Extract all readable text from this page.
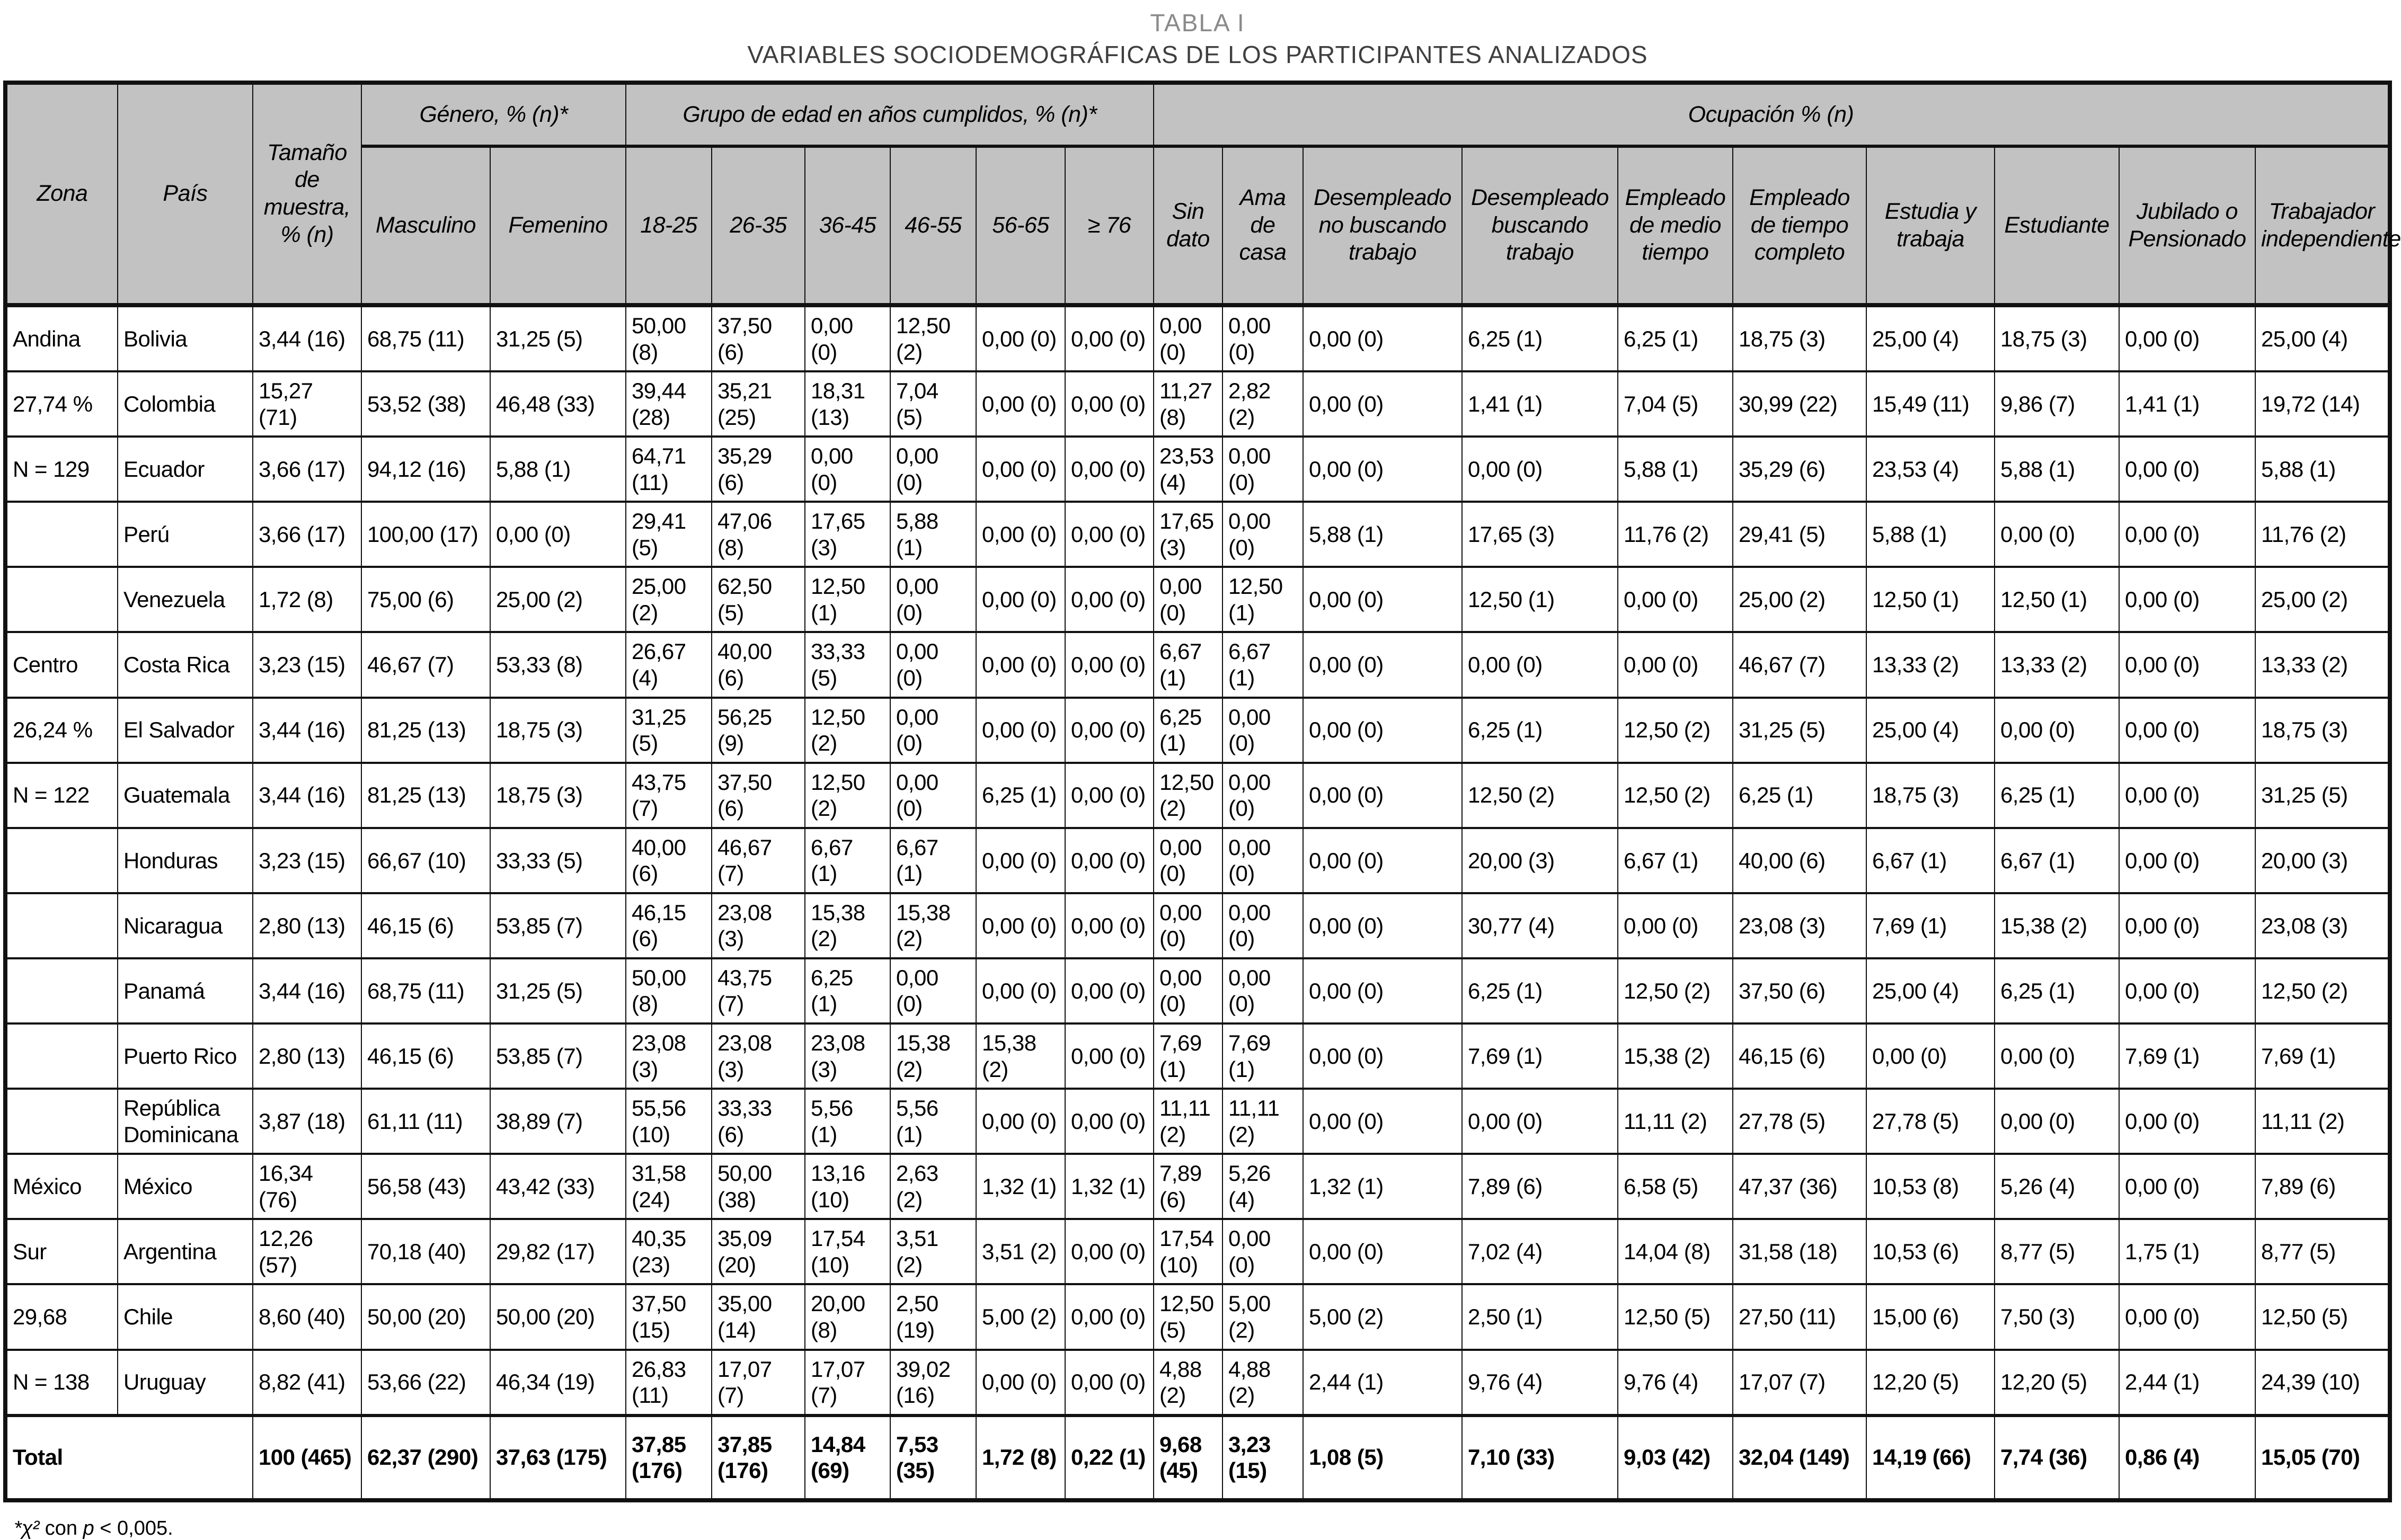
TABLA I
VARIABLES SOCIODEMOGRÁFICAS DE LOS PARTICIPANTES ANALIZADOS
Zona	País	Tamaño de muestra, % (n)	Género, % (n)*		Grupo de edad en años cumplidos, % (n)*						Ocupación % (n)									
			Masculino	Femenino	18-25	26-35	36-45	46-55	56-65	≥ 76	Sin dato	Ama de casa	Desempleado no buscando trabajo	Desempleado buscando trabajo	Empleado de medio tiempo	Empleado de tiempo completo	Estudia y trabaja	Estudiante	Jubilado o Pensionado	Trabajador independiente
Andina	Bolivia	3,44 (16)	68,75 (11)	31,25 (5)	50,00 (8)	37,50 (6)	0,00 (0)	12,50 (2)	0,00 (0)	0,00 (0)	0,00 (0)	0,00 (0)	0,00 (0)	6,25 (1)	6,25 (1)	18,75 (3)	25,00 (4)	18,75 (3)	0,00 (0)	25,00 (4)
27,74 %	Colombia	15,27 (71)	53,52 (38)	46,48 (33)	39,44 (28)	35,21 (25)	18,31 (13)	7,04 (5)	0,00 (0)	0,00 (0)	11,27 (8)	2,82 (2)	0,00 (0)	1,41 (1)	7,04 (5)	30,99 (22)	15,49 (11)	9,86 (7)	1,41 (1)	19,72 (14)
N = 129	Ecuador	3,66 (17)	94,12 (16)	5,88 (1)	64,71 (11)	35,29 (6)	0,00 (0)	0,00 (0)	0,00 (0)	0,00 (0)	23,53 (4)	0,00 (0)	0,00 (0)	0,00 (0)	5,88 (1)	35,29 (6)	23,53 (4)	5,88 (1)	0,00 (0)	5,88 (1)
	Perú	3,66 (17)	100,00 (17)	0,00 (0)	29,41 (5)	47,06 (8)	17,65 (3)	5,88 (1)	0,00 (0)	0,00 (0)	17,65 (3)	0,00 (0)	5,88 (1)	17,65 (3)	11,76 (2)	29,41 (5)	5,88 (1)	0,00 (0)	0,00 (0)	11,76 (2)
	Venezuela	1,72 (8)	75,00 (6)	25,00 (2)	25,00 (2)	62,50 (5)	12,50 (1)	0,00 (0)	0,00 (0)	0,00 (0)	0,00 (0)	12,50 (1)	0,00 (0)	12,50 (1)	0,00 (0)	25,00 (2)	12,50 (1)	12,50 (1)	0,00 (0)	25,00 (2)
Centro	Costa Rica	3,23 (15)	46,67 (7)	53,33 (8)	26,67 (4)	40,00 (6)	33,33 (5)	0,00 (0)	0,00 (0)	0,00 (0)	6,67 (1)	6,67 (1)	0,00 (0)	0,00 (0)	0,00 (0)	46,67 (7)	13,33 (2)	13,33 (2)	0,00 (0)	13,33 (2)
26,24 %	El Salvador	3,44 (16)	81,25 (13)	18,75 (3)	31,25 (5)	56,25 (9)	12,50 (2)	0,00 (0)	0,00 (0)	0,00 (0)	6,25 (1)	0,00 (0)	0,00 (0)	6,25 (1)	12,50 (2)	31,25 (5)	25,00 (4)	0,00 (0)	0,00 (0)	18,75 (3)
N = 122	Guatemala	3,44 (16)	81,25 (13)	18,75 (3)	43,75 (7)	37,50 (6)	12,50 (2)	0,00 (0)	6,25 (1)	0,00 (0)	12,50 (2)	0,00 (0)	0,00 (0)	12,50 (2)	12,50 (2)	6,25 (1)	18,75 (3)	6,25 (1)	0,00 (0)	31,25 (5)
	Honduras	3,23 (15)	66,67 (10)	33,33 (5)	40,00 (6)	46,67 (7)	6,67 (1)	6,67 (1)	0,00 (0)	0,00 (0)	0,00 (0)	0,00 (0)	0,00 (0)	20,00 (3)	6,67 (1)	40,00 (6)	6,67 (1)	6,67 (1)	0,00 (0)	20,00 (3)
	Nicaragua	2,80 (13)	46,15 (6)	53,85 (7)	46,15 (6)	23,08 (3)	15,38 (2)	15,38 (2)	0,00 (0)	0,00 (0)	0,00 (0)	0,00 (0)	0,00 (0)	30,77 (4)	0,00 (0)	23,08 (3)	7,69 (1)	15,38 (2)	0,00 (0)	23,08 (3)
	Panamá	3,44 (16)	68,75 (11)	31,25 (5)	50,00 (8)	43,75 (7)	6,25 (1)	0,00 (0)	0,00 (0)	0,00 (0)	0,00 (0)	0,00 (0)	0,00 (0)	6,25 (1)	12,50 (2)	37,50 (6)	25,00 (4)	6,25 (1)	0,00 (0)	12,50 (2)
	Puerto Rico	2,80 (13)	46,15 (6)	53,85 (7)	23,08 (3)	23,08 (3)	23,08 (3)	15,38 (2)	15,38 (2)	0,00 (0)	7,69 (1)	7,69 (1)	0,00 (0)	7,69 (1)	15,38 (2)	46,15 (6)	0,00 (0)	0,00 (0)	7,69 (1)	7,69 (1)
	República Dominicana	3,87 (18)	61,11 (11)	38,89 (7)	55,56 (10)	33,33 (6)	5,56 (1)	5,56 (1)	0,00 (0)	0,00 (0)	11,11 (2)	11,11 (2)	0,00 (0)	0,00 (0)	11,11 (2)	27,78 (5)	27,78 (5)	0,00 (0)	0,00 (0)	11,11 (2)
México	México	16,34 (76)	56,58 (43)	43,42 (33)	31,58 (24)	50,00 (38)	13,16 (10)	2,63 (2)	1,32 (1)	1,32 (1)	7,89 (6)	5,26 (4)	1,32 (1)	7,89 (6)	6,58 (5)	47,37 (36)	10,53 (8)	5,26 (4)	0,00 (0)	7,89 (6)
Sur	Argentina	12,26 (57)	70,18 (40)	29,82 (17)	40,35 (23)	35,09 (20)	17,54 (10)	3,51 (2)	3,51 (2)	0,00 (0)	17,54 (10)	0,00 (0)	0,00 (0)	7,02 (4)	14,04 (8)	31,58 (18)	10,53 (6)	8,77 (5)	1,75 (1)	8,77 (5)
29,68	Chile	8,60 (40)	50,00 (20)	50,00 (20)	37,50 (15)	35,00 (14)	20,00 (8)	2,50 (19)	5,00 (2)	0,00 (0)	12,50 (5)	5,00 (2)	5,00 (2)	2,50 (1)	12,50 (5)	27,50 (11)	15,00 (6)	7,50 (3)	0,00 (0)	12,50 (5)
N = 138	Uruguay	8,82 (41)	53,66 (22)	46,34 (19)	26,83 (11)	17,07 (7)	17,07 (7)	39,02 (16)	0,00 (0)	0,00 (0)	4,88 (2)	4,88 (2)	2,44 (1)	9,76 (4)	9,76 (4)	17,07 (7)	12,20 (5)	12,20 (5)	2,44 (1)	24,39 (10)
Total		100 (465)	62,37 (290)	37,63 (175)	37,85 (176)	37,85 (176)	14,84 (69)	7,53 (35)	1,72 (8)	0,22 (1)	9,68 (45)	3,23 (15)	1,08 (5)	7,10 (33)	9,03 (42)	32,04 (149)	14,19 (66)	7,74 (36)	0,86 (4)	15,05 (70)
*χ² con p < 0,005.
